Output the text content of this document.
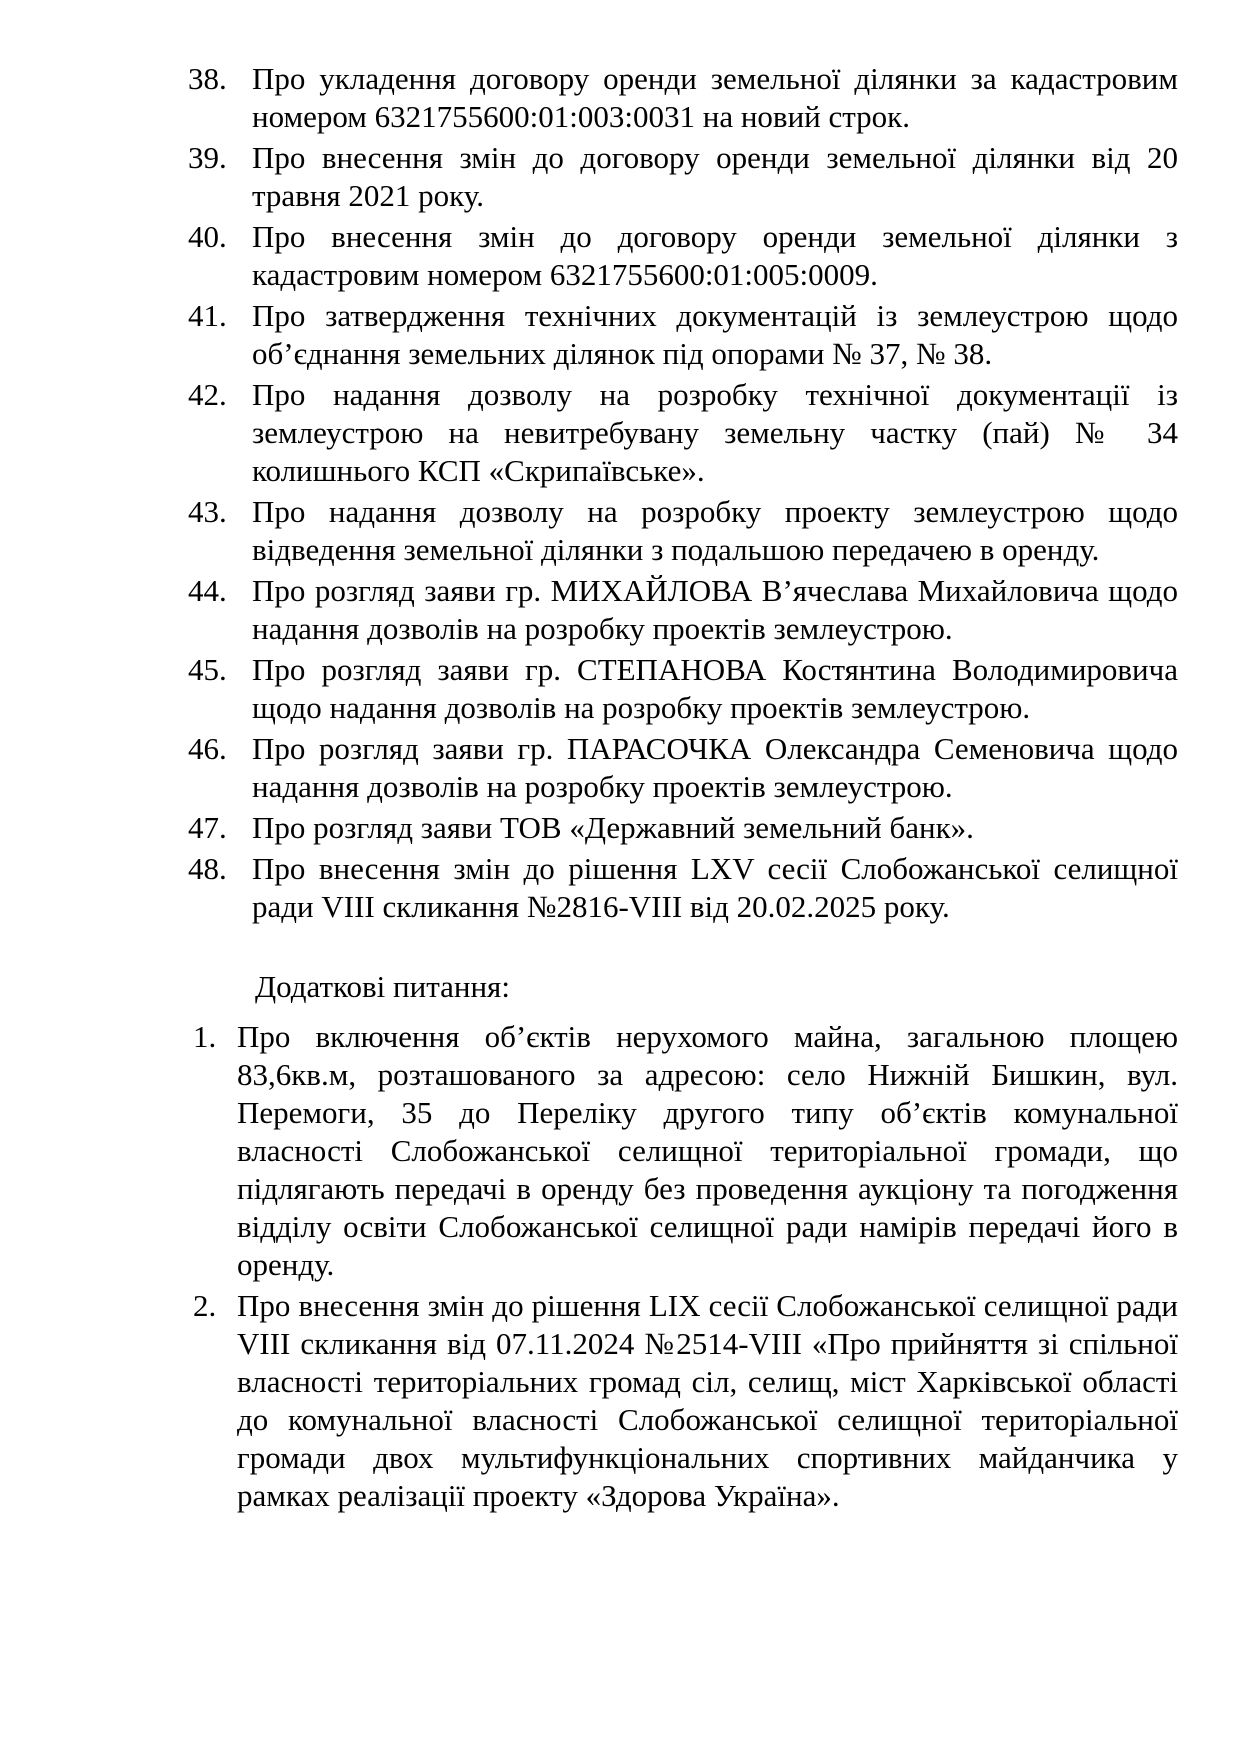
38. Про укладення договору оренди земельної ділянки за кадастровим номером 6321755600:01:003:0031 на новий строк.
39. Про внесення змін до договору оренди земельної ділянки від 20 травня 2021 року.
40. Про внесення змін до договору оренди земельної ділянки з кадастровим номером 6321755600:01:005:0009.
41. Про затвердження технічних документацій із землеустрою щодо об’єднання земельних ділянок під опорами № 37, № 38.
42. Про надання дозволу на розробку технічної документації із землеустрою на невитребувану земельну частку (пай) № 34 колишнього КСП «Скрипаївське».
43. Про надання дозволу на розробку проекту землеустрою щодо відведення земельної ділянки з подальшою передачею в оренду.
44. Про розгляд заяви гр. МИХАЙЛОВА В’ячеслава Михайловича щодо надання дозволів на розробку проектів землеустрою.
45. Про розгляд заяви гр. СТЕПАНОВА Костянтина Володимировича щодо надання дозволів на розробку проектів землеустрою.
46. Про розгляд заяви гр. ПАРАСОЧКА Олександра Семеновича щодо надання дозволів на розробку проектів землеустрою.
47. Про розгляд заяви ТОВ «Державний земельний банк».
48. Про внесення змін до рішення LXV сесії Слобожанської селищної ради VIII скликання №2816-VIII від 20.02.2025 року.
Додаткові питання:
1. Про включення об’єктів нерухомого майна, загальною площею 83,6кв.м, розташованого за адресою: село Нижній Бишкин, вул. Перемоги, 35 до Переліку другого типу об’єктів комунальної власності Слобожанської селищної територіальної громади, що підлягають передачі в оренду без проведення аукціону та погодження відділу освіти Слобожанської селищної ради намірів передачі його в оренду.
2. Про внесення змін до рішення LIX сесії Слобожанської селищної ради VIII скликання від 07.11.2024 №2514-VIII «Про прийняття зі спільної власності територіальних громад сіл, селищ, міст Харківської області до комунальної власності Слобожанської селищної територіальної громади двох мультифункціональних спортивних майданчика у рамках реалізації проекту «Здорова Україна».
